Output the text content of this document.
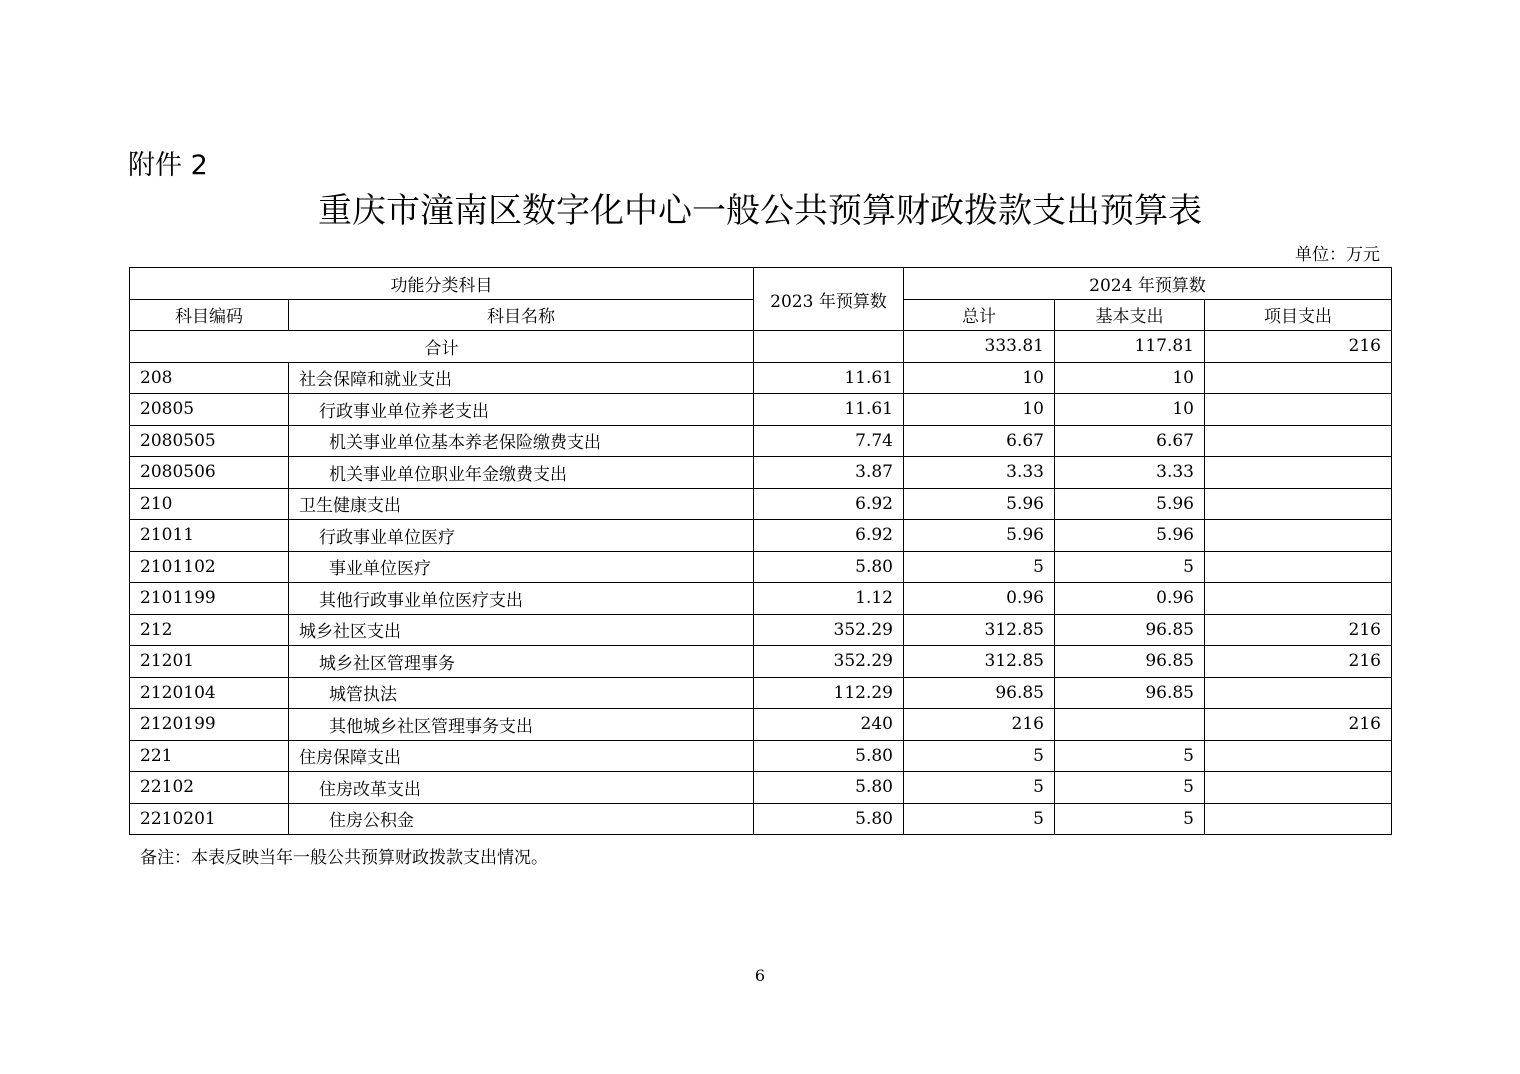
附件 2
重庆市潼南区数字化中心一般公共预算财政拨款支出预算表
单位：万元
功能分类科目		2023 年预算数	2024 年预算数		
科目编码	科目名称		总计	基本支出	项目支出
合计			333.81	117.81	216
208	社会保障和就业支出	11.61	10	10	
20805	行政事业单位养老支出	11.61	10	10	
2080505	机关事业单位基本养老保险缴费支出	7.74	6.67	6.67	
2080506	机关事业单位职业年金缴费支出	3.87	3.33	3.33	
210	卫生健康支出	6.92	5.96	5.96	
21011	行政事业单位医疗	6.92	5.96	5.96	
2101102	事业单位医疗	5.80	5	5	
2101199	其他行政事业单位医疗支出	1.12	0.96	0.96	
212	城乡社区支出	352.29	312.85	96.85	216
21201	城乡社区管理事务	352.29	312.85	96.85	216
2120104	城管执法	112.29	96.85	96.85	
2120199	其他城乡社区管理事务支出	240	216		216
221	住房保障支出	5.80	5	5	
22102	住房改革支出	5.80	5	5	
2210201	住房公积金	5.80	5	5	
备注：本表反映当年一般公共预算财政拨款支出情况。
6
